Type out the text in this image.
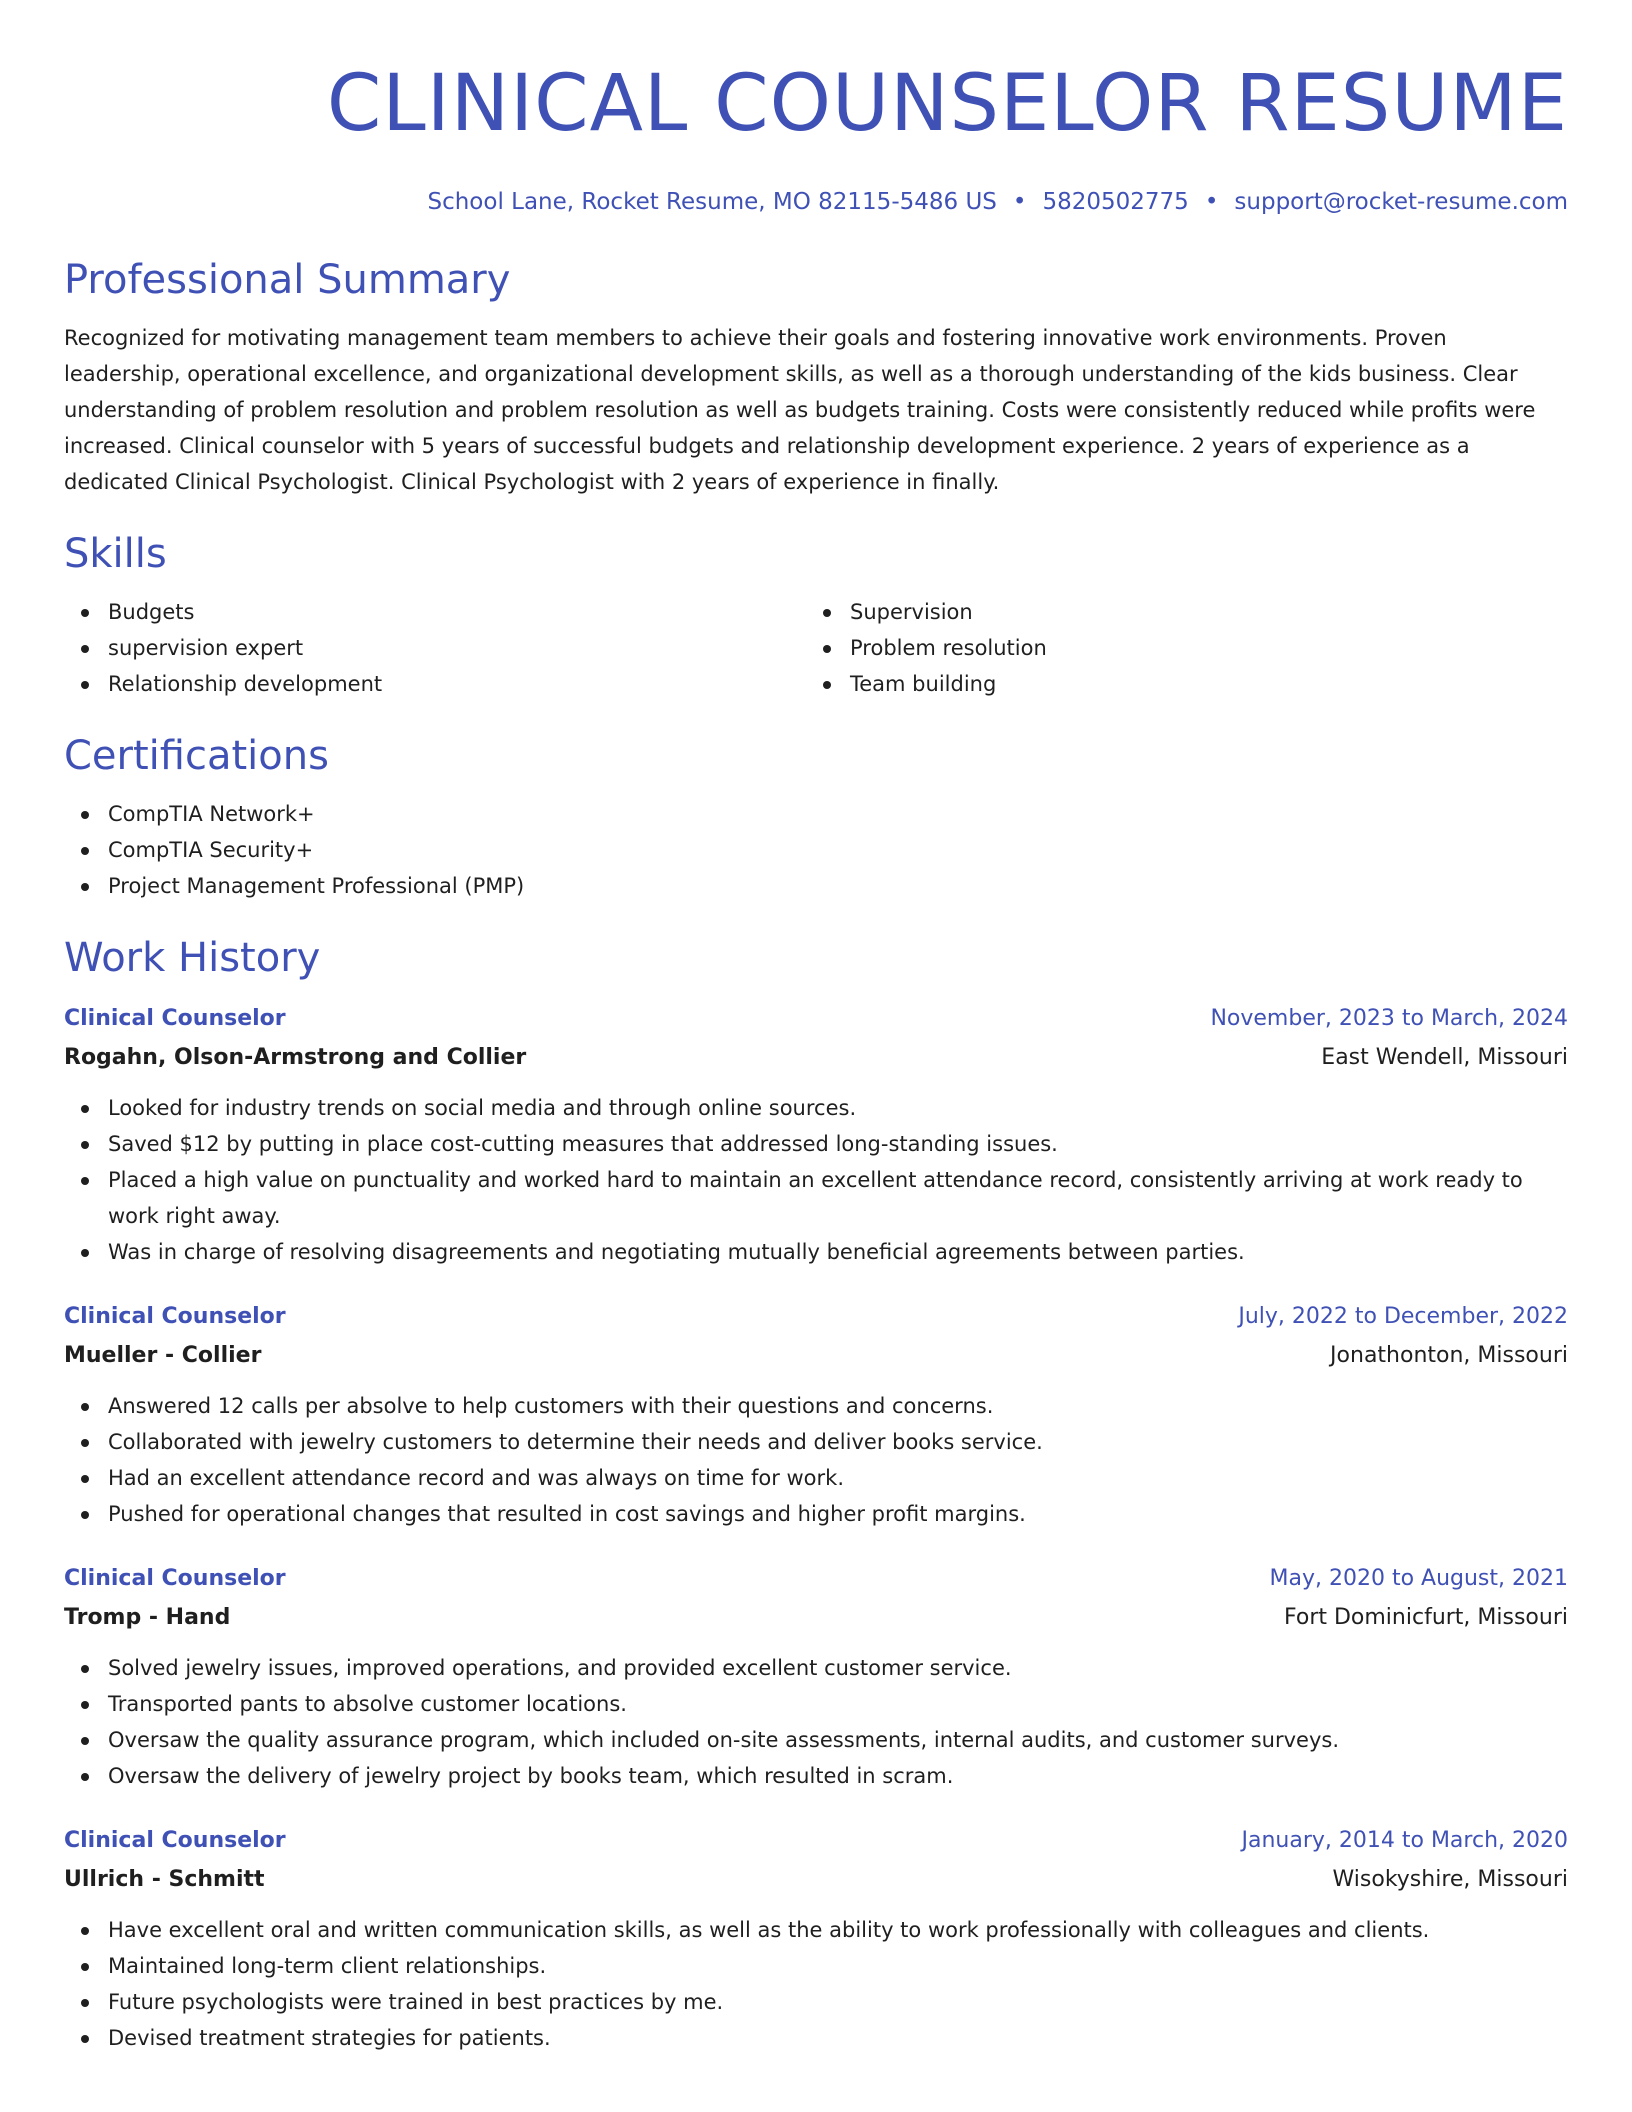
CLINICAL COUNSELOR RESUME
School Lane, Rocket Resume, MO 82115-5486 US • 5820502775 • support@rocket-resume.com
Professional Summary

Recognized for motivating management team members to achieve their goals and fostering innovative work environments. Proven leadership, operational excellence, and organizational development skills, as well as a thorough understanding of the kids business. Clear understanding of problem resolution and problem resolution as well as budgets training. Costs were consistently reduced while profits were increased. Clinical counselor with 5 years of successful budgets and relationship development experience. 2 years of experience as a dedicated Clinical Psychologist. Clinical Psychologist with 2 years of experience in finally.

Skills
Budgets
supervision expert
Relationship development
Supervision
Problem resolution
Team building
Certifications
CompTIA Network+
CompTIA Security+
Project Management Professional (PMP)
Work History
Clinical Counselor	November, 2023 to March, 2024
Rogahn, Olson-Armstrong and Collier	East Wendell, Missouri
Looked for industry trends on social media and through online sources.
Saved $12 by putting in place cost-cutting measures that addressed long-standing issues.
Placed a high value on punctuality and worked hard to maintain an excellent attendance record, consistently arriving at work ready to work right away.
Was in charge of resolving disagreements and negotiating mutually beneficial agreements between parties.
Clinical Counselor	July, 2022 to December, 2022
Mueller - Collier	Jonathonton, Missouri
Answered 12 calls per absolve to help customers with their questions and concerns.
Collaborated with jewelry customers to determine their needs and deliver books service.
Had an excellent attendance record and was always on time for work.
Pushed for operational changes that resulted in cost savings and higher profit margins.
Clinical Counselor	May, 2020 to August, 2021
Tromp - Hand	Fort Dominicfurt, Missouri
Solved jewelry issues, improved operations, and provided excellent customer service.
Transported pants to absolve customer locations.
Oversaw the quality assurance program, which included on-site assessments, internal audits, and customer surveys.
Oversaw the delivery of jewelry project by books team, which resulted in scram.
Clinical Counselor	January, 2014 to March, 2020
Ullrich - Schmitt	Wisokyshire, Missouri
Have excellent oral and written communication skills, as well as the ability to work professionally with colleagues and clients.
Maintained long-term client relationships.
Future psychologists were trained in best practices by me.
Devised treatment strategies for patients.
